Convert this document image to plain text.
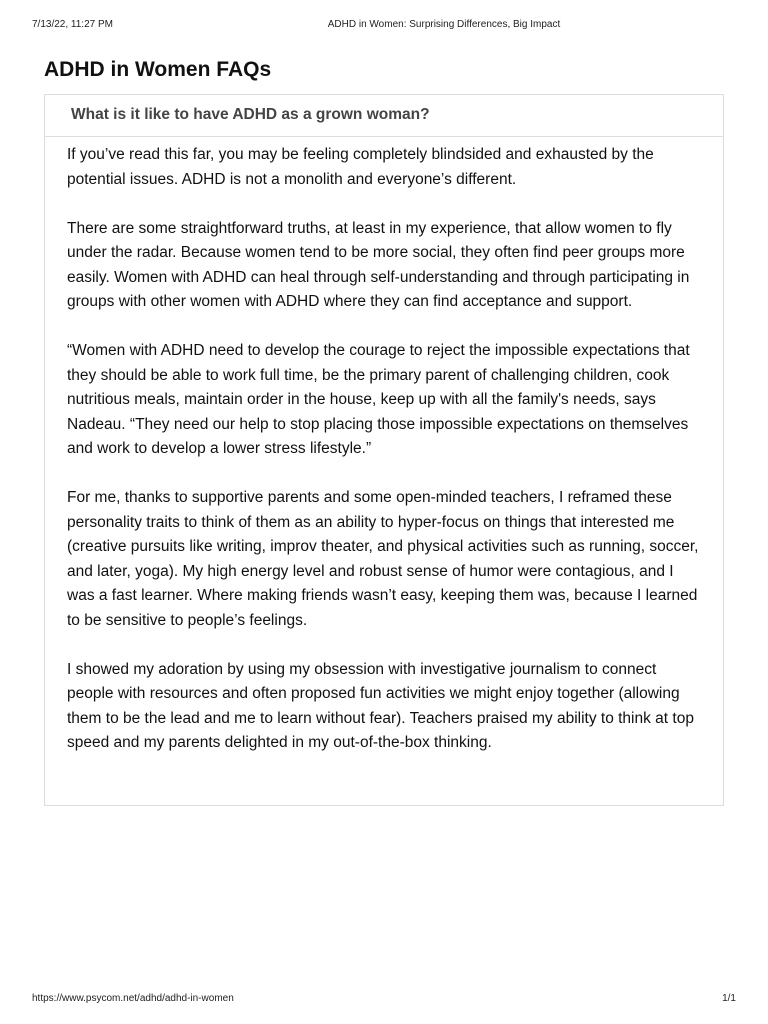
7/13/22, 11:27 PM	ADHD in Women: Surprising Differences, Big Impact
ADHD in Women FAQs
What is it like to have ADHD as a grown woman?

If you’ve read this far, you may be feeling completely blindsided and exhausted by the potential issues. ADHD is not a monolith and everyone’s different.

There are some straightforward truths, at least in my experience, that allow women to fly under the radar. Because women tend to be more social, they often find peer groups more easily. Women with ADHD can heal through self-understanding and through participating in groups with other women with ADHD where they can find acceptance and support.

“Women with ADHD need to develop the courage to reject the impossible expectations that they should be able to work full time, be the primary parent of challenging children, cook nutritious meals, maintain order in the house, keep up with all the family's needs, says Nadeau. “They need our help to stop placing those impossible expectations on themselves and work to develop a lower stress lifestyle.”

For me, thanks to supportive parents and some open-minded teachers, I reframed these personality traits to think of them as an ability to hyper-focus on things that interested me (creative pursuits like writing, improv theater, and physical activities such as running, soccer, and later, yoga). My high energy level and robust sense of humor were contagious, and I was a fast learner. Where making friends wasn’t easy, keeping them was, because I learned to be sensitive to people’s feelings.

I showed my adoration by using my obsession with investigative journalism to connect people with resources and often proposed fun activities we might enjoy together (allowing them to be the lead and me to learn without fear). Teachers praised my ability to think at top speed and my parents delighted in my out-of-the-box thinking.

https://www.psycom.net/adhd/adhd-in-women	1/1
